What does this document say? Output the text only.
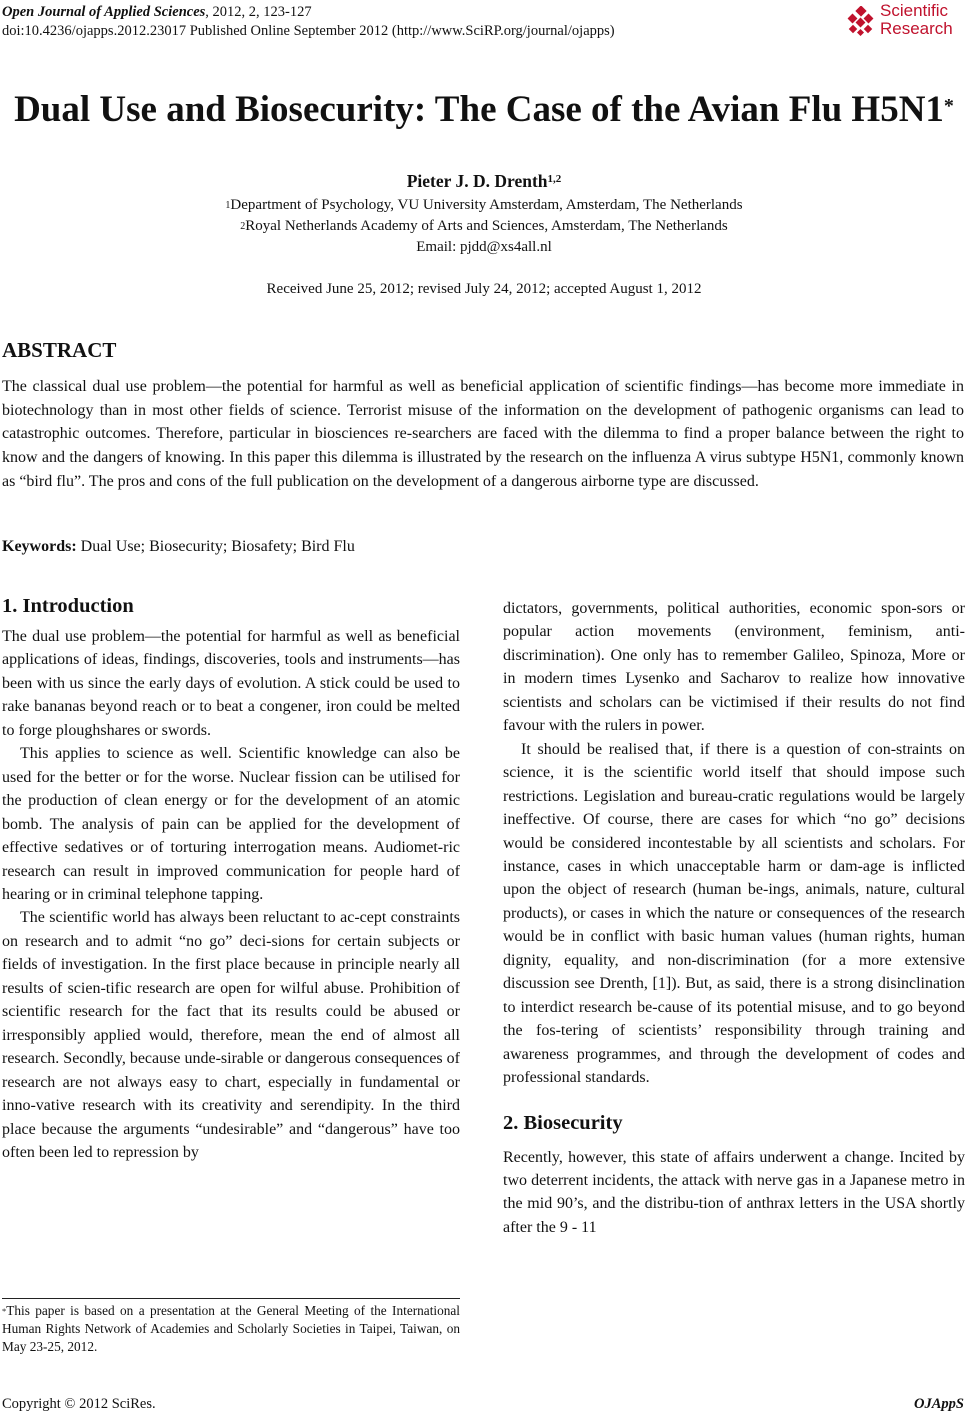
Open Journal of Applied Sciences, 2012, 2, 123-127
doi:10.4236/ojapps.2012.23017 Published Online September 2012 (http://www.SciRP.org/journal/ojapps)
Scientific
Research
Dual Use and Biosecurity: The Case of the Avian Flu H5N1*
Pieter J. D. Drenth$^{1,2}$
$^1$Department of Psychology, VU University Amsterdam, Amsterdam, The Netherlands
$^2$Royal Netherlands Academy of Arts and Sciences, Amsterdam, The Netherlands
Email: pjdd@xs4all.nl
Received June 25, 2012; revised July 24, 2012; accepted August 1, 2012
ABSTRACT
The classical dual use problem—the potential for harmful as well as beneficial application of scientific findings—has become more immediate in biotechnology than in most other fields of science. Terrorist misuse of the information on the development of pathogenic organisms can lead to catastrophic outcomes. Therefore, particular in biosciences re-searchers are faced with the dilemma to find a proper balance between the right to know and the dangers of knowing. In this paper this dilemma is illustrated by the research on the influenza A virus subtype H5N1, commonly known as “bird flu”. The pros and cons of the full publication on the development of a dangerous airborne type are discussed.
Keywords: Dual Use; Biosecurity; Biosafety; Bird Flu
1. Introduction

The dual use problem—the potential for harmful as well as beneficial applications of ideas, findings, discoveries, tools and instruments—has been with us since the early days of evolution. A stick could be used to rake bananas beyond reach or to beat a congener, iron could be melted to forge ploughshares or swords.

This applies to science as well. Scientific knowledge can also be used for the better or for the worse. Nuclear fission can be utilised for the production of clean energy or for the development of an atomic bomb. The analysis of pain can be applied for the development of effective sedatives or of torturing interrogation means. Audiomet-ric research can result in improved communication for people hard of hearing or in criminal telephone tapping.

The scientific world has always been reluctant to ac-cept constraints on research and to admit “no go” deci-sions for certain subjects or fields of investigation. In the first place because in principle nearly all results of scien-tific research are open for wilful abuse. Prohibition of scientific research for the fact that its results could be abused or irresponsibly applied would, therefore, mean the end of almost all research. Secondly, because unde-sirable or dangerous consequences of research are not always easy to chart, especially in fundamental or inno-vative research with its creativity and serendipity. In the third place because the arguments “undesirable” and “dangerous” have too often been led to repression by

dictators, governments, political authorities, economic spon-sors or popular action movements (environment, feminism, anti-discrimination). One only has to remember Galileo, Spinoza, More or in modern times Lysenko and Sacharov to realize how innovative scientists and scholars can be victimised if their results do not find favour with the rulers in power.

It should be realised that, if there is a question of con-straints on science, it is the scientific world itself that should impose such restrictions. Legislation and bureau-cratic regulations would be largely ineffective. Of course, there are cases for which “no go” decisions would be considered incontestable by all scientists and scholars. For instance, cases in which unacceptable harm or dam-age is inflicted upon the object of research (human be-ings, animals, nature, cultural products), or cases in which the nature or consequences of the research would be in conflict with basic human values (human rights, human dignity, equality, and non-discrimination (for a more extensive discussion see Drenth, [1]). But, as said, there is a strong disinclination to interdict research be-cause of its potential misuse, and to go beyond the fos-tering of scientists’ responsibility through training and awareness programmes, and through the development of codes and professional standards.

2. Biosecurity

Recently, however, this state of affairs underwent a change. Incited by two deterrent incidents, the attack with nerve gas in a Japanese metro in the mid 90’s, and the distribu-tion of anthrax letters in the USA shortly after the 9 - 11

*This paper is based on a presentation at the General Meeting of the International Human Rights Network of Academies and Scholarly Societies in Taipei, Taiwan, on May 23-25, 2012.
Copyright © 2012 SciRes.	OJAppS
